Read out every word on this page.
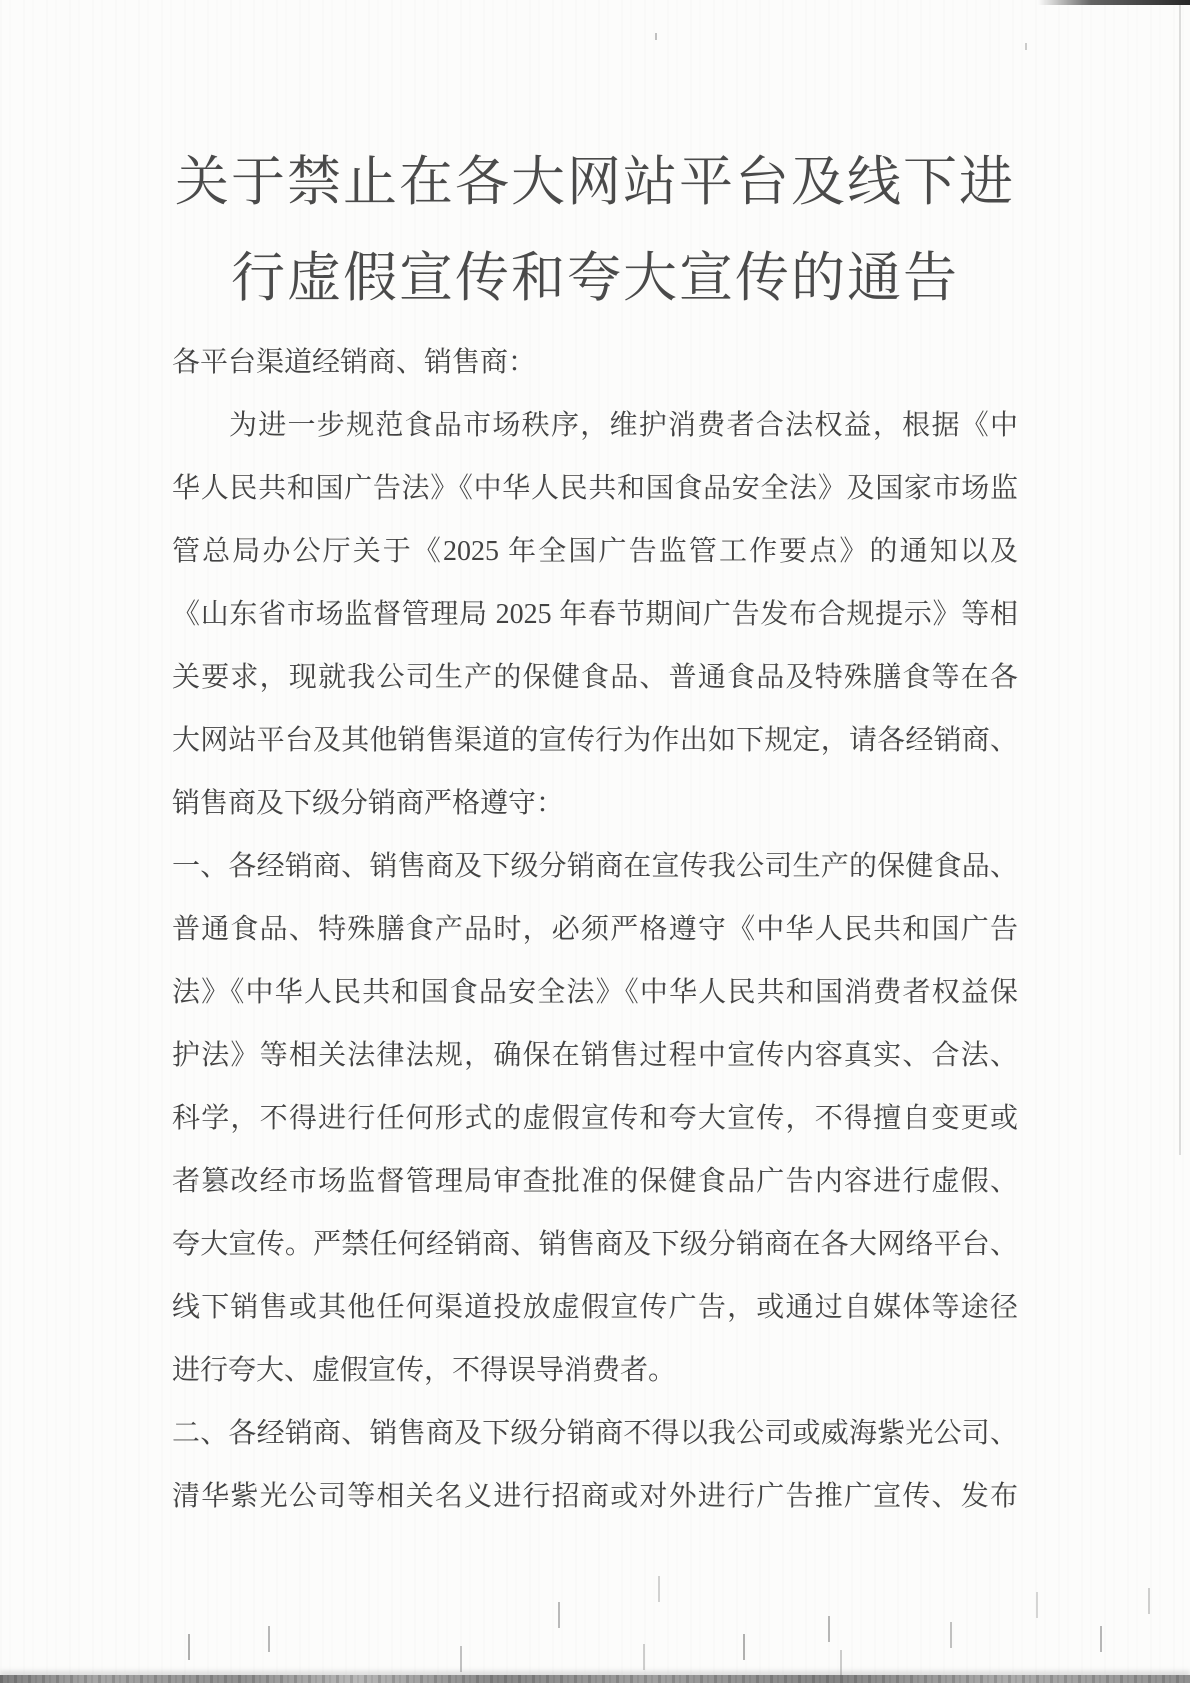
关于禁止在各大网站平台及线下进
行虚假宣传和夸大宣传的通告
各平台渠道经销商、销售商：
为进一步规范食品市场秩序，维护消费者合法权益，根据《中
华人民共和国广告法》《中华人民共和国食品安全法》及国家市场监
管总局办公厅关于《2025 年全国广告监管工作要点》的通知以及
《山东省市场监督管理局 2025 年春节期间广告发布合规提示》等相
关要求，现就我公司生产的保健食品、普通食品及特殊膳食等在各
大网站平台及其他销售渠道的宣传行为作出如下规定，请各经销商、
销售商及下级分销商严格遵守：
一、各经销商、销售商及下级分销商在宣传我公司生产的保健食品、
普通食品、特殊膳食产品时，必须严格遵守《中华人民共和国广告
法》《中华人民共和国食品安全法》《中华人民共和国消费者权益保
护法》等相关法律法规，确保在销售过程中宣传内容真实、合法、
科学，不得进行任何形式的虚假宣传和夸大宣传，不得擅自变更或
者篡改经市场监督管理局审查批准的保健食品广告内容进行虚假、
夸大宣传。严禁任何经销商、销售商及下级分销商在各大网络平台、
线下销售或其他任何渠道投放虚假宣传广告，或通过自媒体等途径
进行夸大、虚假宣传，不得误导消费者。
二、各经销商、销售商及下级分销商不得以我公司或威海紫光公司、
清华紫光公司等相关名义进行招商或对外进行广告推广宣传、发布
